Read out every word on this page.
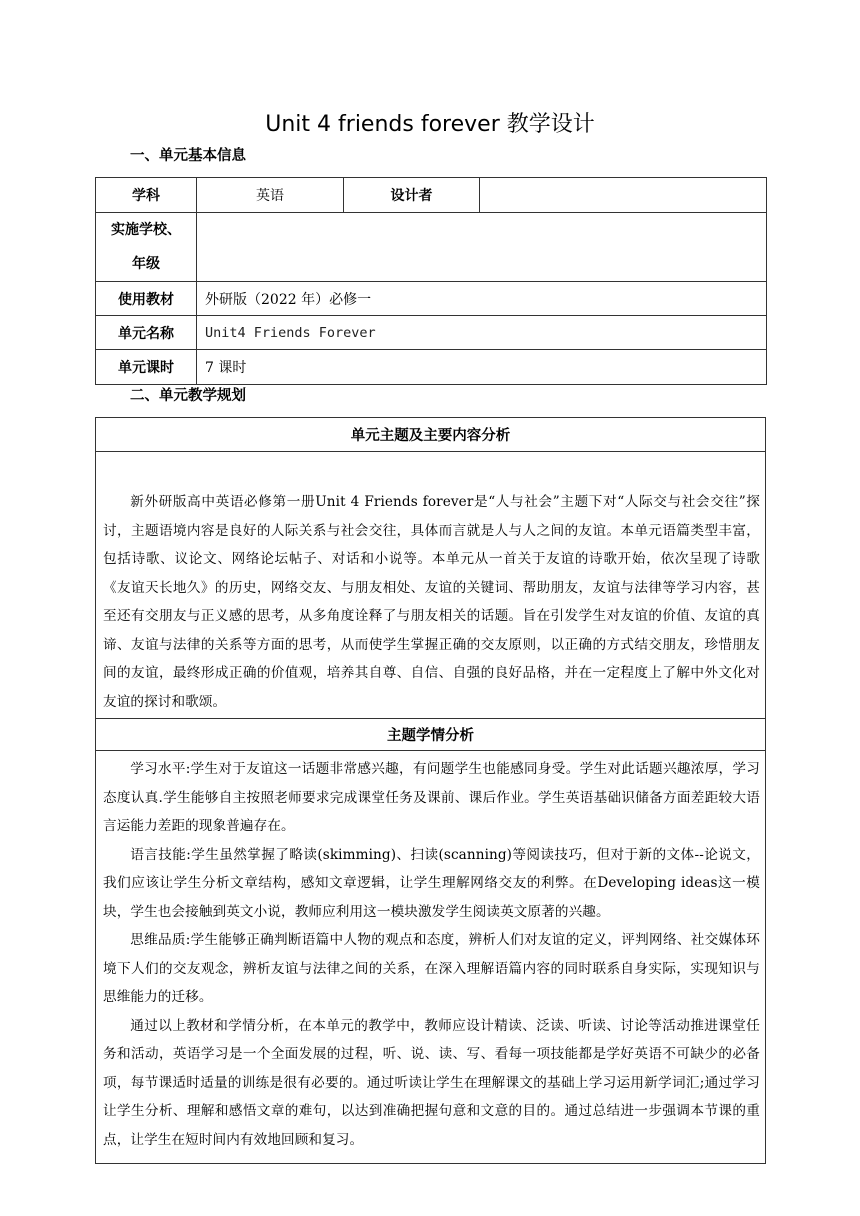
Unit 4 friends forever 教学设计
一、单元基本信息
学科	英语	设计者	
实施学校、
年级			
使用教材	外研版（2022 年）必修一		
单元名称	Unit4 Friends Forever		
单元课时	7 课时		
二、单元教学规划
单元主题及主要内容分析

新外研版高中英语必修第一册Unit 4 Friends forever是“人与社会”主题下对“人际交与社会交往”探讨，主题语境内容是良好的人际关系与社会交往，具体而言就是人与人之间的友谊。本单元语篇类型丰富，包括诗歌、议论文、网络论坛帖子、对话和小说等。本单元从一首关于友谊的诗歌开始，依次呈现了诗歌《友谊天长地久》的历史，网络交友、与朋友相处、友谊的关键词、帮助朋友，友谊与法律等学习内容，甚至还有交朋友与正义感的思考，从多角度诠释了与朋友相关的话题。旨在引发学生对友谊的价值、友谊的真谛、友谊与法律的关系等方面的思考，从而使学生掌握正确的交友原则，以正确的方式结交朋友，珍惜朋友间的友谊，最终形成正确的价值观，培养其自尊、自信、自强的良好品格，并在一定程度上了解中外文化对友谊的探讨和歌颂。

主题学情分析

学习水平:学生对于友谊这一话题非常感兴趣，有问题学生也能感同身受。学生对此话题兴趣浓厚，学习态度认真.学生能够自主按照老师要求完成课堂任务及课前、课后作业。学生英语基础识储备方面差距较大语言运能力差距的现象普遍存在。

语言技能:学生虽然掌握了略读(skimming)、扫读(scanning)等阅读技巧，但对于新的文体--论说文，我们应该让学生分析文章结构，感知文章逻辑，让学生理解网络交友的利弊。在Developing ideas这一模块，学生也会接触到英文小说，教师应利用这一模块激发学生阅读英文原著的兴趣。

思维品质:学生能够正确判断语篇中人物的观点和态度，辨析人们对友谊的定义，评判网络、社交媒体环境下人们的交友观念，辨析友谊与法律之间的关系，在深入理解语篇内容的同时联系自身实际，实现知识与思维能力的迁移。

通过以上教材和学情分析，在本单元的教学中，教师应设计精读、泛读、听读、讨论等活动推进课堂任务和活动，英语学习是一个全面发展的过程，听、说、读、写、看每一项技能都是学好英语不可缺少的必备项，每节课适时适量的训练是很有必要的。通过听读让学生在理解课文的基础上学习运用新学词汇;通过学习让学生分析、理解和感悟文章的难句，以达到准确把握句意和文意的目的。通过总结进一步强调本节课的重点，让学生在短时间内有效地回顾和复习。
